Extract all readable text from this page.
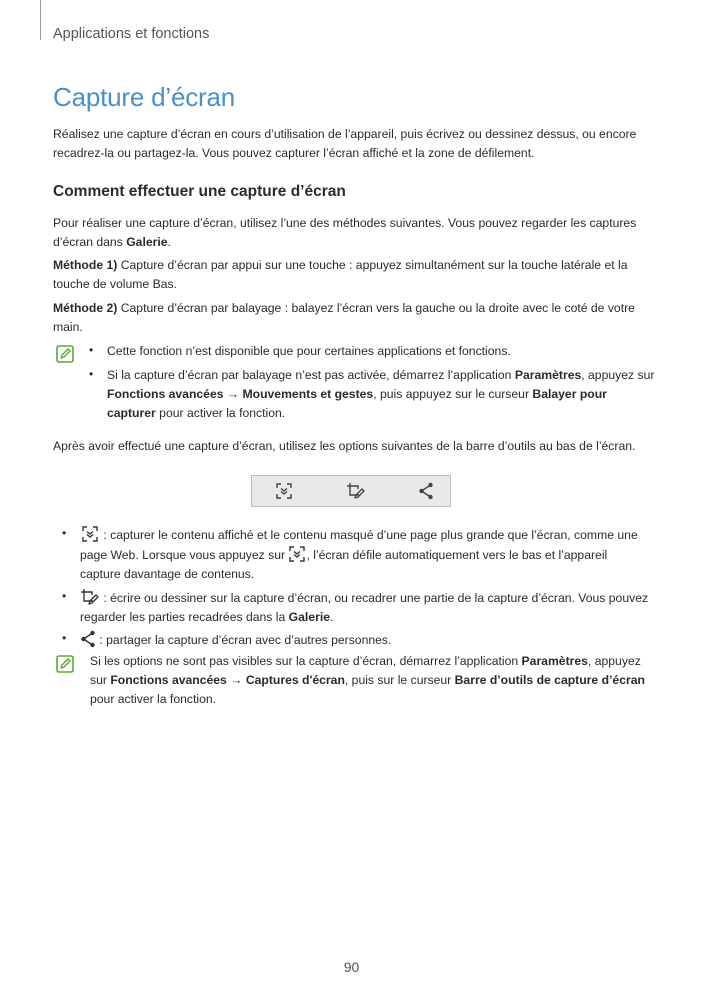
Applications et fonctions
Capture d’écran

Réalisez une capture d’écran en cours d’utilisation de l’appareil, puis écrivez ou dessinez dessus, ou encore recadrez-la ou partagez-la. Vous pouvez capturer l’écran affiché et la zone de défilement.

Comment effectuer une capture d’écran

Pour réaliser une capture d’écran, utilisez l’une des méthodes suivantes. Vous pouvez regarder les captures d’écran dans Galerie.

Méthode 1) Capture d’écran par appui sur une touche : appuyez simultanément sur la touche latérale et la touche de volume Bas.

Méthode 2) Capture d’écran par balayage : balayez l’écran vers la gauche ou la droite avec le coté de votre main.

• Cette fonction n’est disponible que pour certaines applications et fonctions.

• Si la capture d’écran par balayage n’est pas activée, démarrez l’application Paramètres, appuyez sur Fonctions avancées → Mouvements et gestes, puis appuyez sur le curseur Balayer pour capturer pour activer la fonction.

Après avoir effectué une capture d’écran, utilisez les options suivantes de la barre d’outils au bas de l’écran.

•	: capturer le contenu affiché et le contenu masqué d’une page plus grande que l’écran, comme une page Web. Lorsque vous appuyez sur , l’écran défile automatiquement vers le bas et l’appareil capture davantage de contenus.

•	: écrire ou dessiner sur la capture d’écran, ou recadrer une partie de la capture d’écran. Vous pouvez regarder les parties recadrées dans la Galerie.

•	: partager la capture d’écran avec d’autres personnes.

Si les options ne sont pas visibles sur la capture d’écran, démarrez l’application Paramètres, appuyez sur Fonctions avancées → Captures d'écran, puis sur le curseur Barre d’outils de capture d’écran pour activer la fonction.

90
